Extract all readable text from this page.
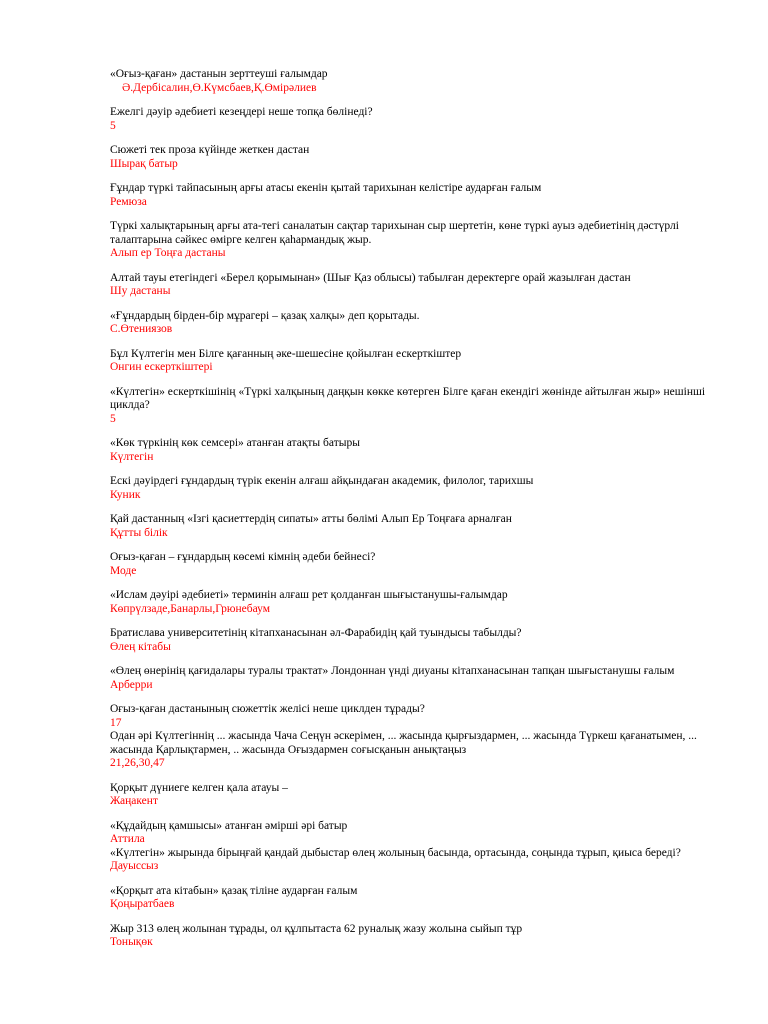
«Оғыз-қаған» дастанын зерттеуші ғалымдар
Ә.Дербісалин,Ө.Күмсбаев,Қ.Өмірәлиев
Ежелгі дәуір әдебиеті кезеңдері неше топқа бөлінеді?
5
Сюжеті тек проза күйінде жеткен дастан
Шырақ батыр
Ғұндар түркі тайпасының арғы атасы екенін қытай тарихынан келістіре аударған ғалым
Ремюза
Түркі халықтарының арғы ата-тегі саналатын сақтар тарихынан сыр шертетін, көне түркі ауыз әдебиетінің дәстүрлі талаптарына сәйкес өмірге келген қаһармандық жыр.
Алып ер Тоңға дастаны
Алтай тауы етегіндегі «Берел қорымынан» (Шығ Қаз облысы) табылған деректерге орай жазылған дастан
Шу дастаны
«Ғұндардың бірден-бір мұрагері – қазақ халқы» деп қорытады.
С.Өтениязов
Бұл Күлтегін мен Білге қағанның әке-шешесіне қойылған ескерткіштер
Онгин ескерткіштері
«Күлтегін» ескерткішінің «Түркі халқының даңқын көкке көтерген Білге қаған екендігі жөнінде айтылған жыр» нешінші циклда?
5
«Көк түркінің көк семсері» атанған атақты батыры
Күлтегін
Ескі дәуірдегі ғұндардың түрік екенін алғаш айқындаған академик, филолог, тарихшы
Куник
Қай дастанның «Ізгі қасиеттердің сипаты» атты бөлімі Алып Ер Тоңғаға арналған
Құтты білік
Оғыз-қаған – ғұндардың көсемі кімнің әдеби бейнесі?
Моде
«Ислам дәуірі әдебиеті» терминін алғаш рет қолданған шығыстанушы-ғалымдар
Көпрүлзаде,Банарлы,Грюнебаум
Братислава университетінің кітапханасынан әл-Фарабидің қай туындысы табылды?
Өлең кітабы
«Өлең өнерінің қағидалары туралы трактат» Лондоннан үнді диуаны кітапханасынан тапқан шығыстанушы ғалым
Арберри
Оғыз-қаған дастанының сюжеттік желісі неше циклден тұрады?
17
Одан әрі Күлтегіннің ... жасында Чача Сеңүн әскерімен, ... жасында қырғыздармен, ... жасында Түркеш қағанатымен, ... жасында Қарлықтармен, .. жасында Оғыздармен соғысқанын анықтаңыз
21,26,30,47
Қорқыт дүниеге келген қала атауы –
Жаңакент
«Құдайдың қамшысы» атанған әмірші әрі батыр
Аттила
«Күлтегін» жырында бірыңғай қандай дыбыстар өлең жолының басында, ортасында, соңында тұрып, қиыса береді?
Дауыссыз
«Қорқыт ата кітабын» қазақ тіліне аударған ғалым
Қоңыратбаев
Жыр 313 өлең жолынан тұрады, ол құлпытаста 62 руналық жазу жолына сыйып тұр
Тонықөк
